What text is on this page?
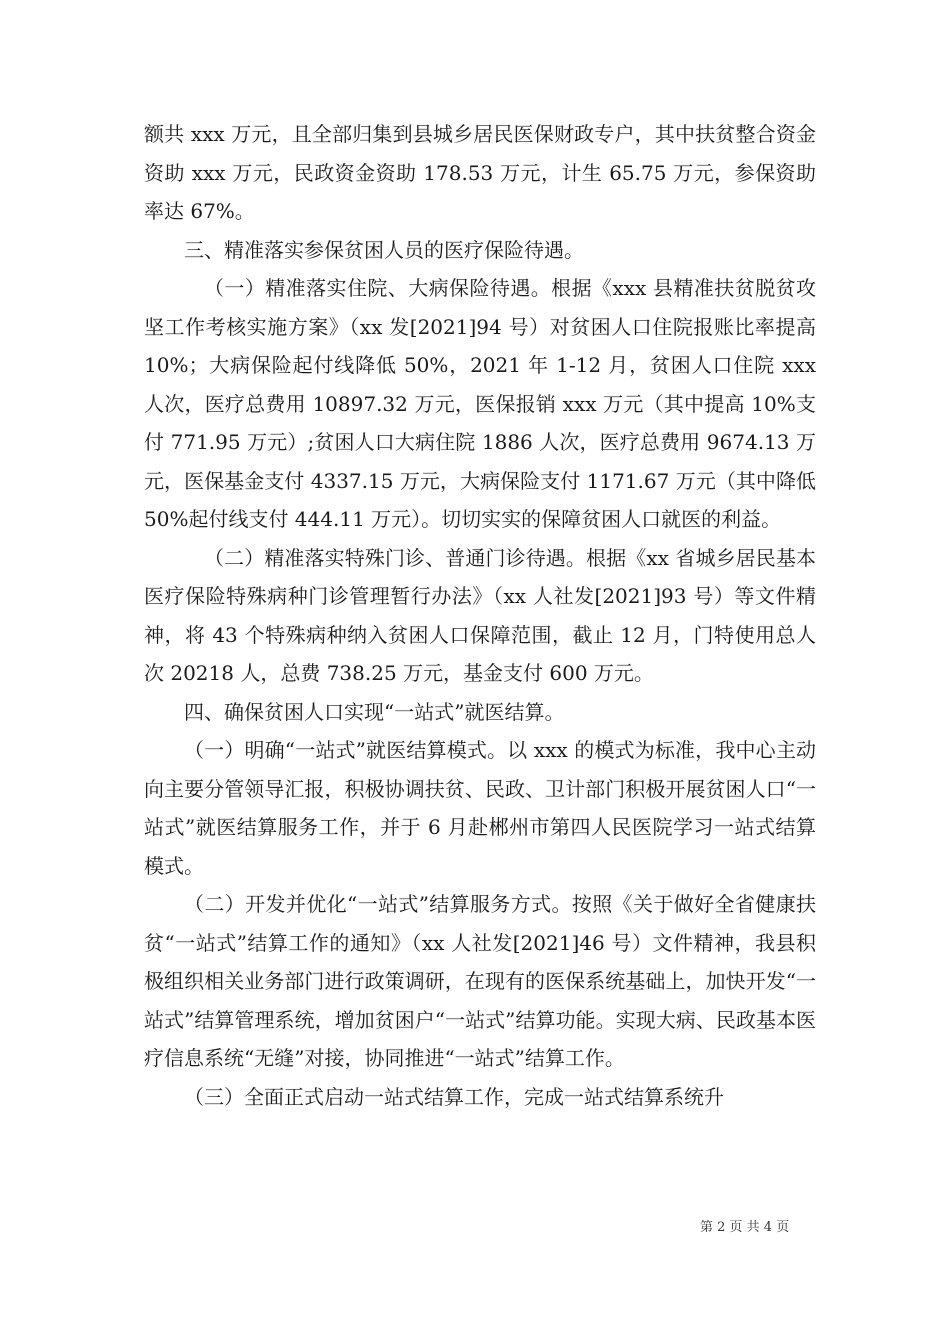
额共 xxx 万元，且全部归集到县城乡居民医保财政专户，其中扶贫整合资金资助 xxx 万元，民政资金资助 178.53 万元，计生 65.75 万元，参保资助率达 67%。

三、精准落实参保贫困人员的医疗保险待遇。

（一）精准落实住院、大病保险待遇。根据《xxx 县精准扶贫脱贫攻坚工作考核实施方案》（xx 发[2021]94 号）对贫困人口住院报账比率提高 10%；大病保险起付线降低 50%，2021 年 1-12 月，贫困人口住院 xxx 人次，医疗总费用 10897.32 万元，医保报销 xxx 万元（其中提高 10%支付 771.95 万元）;贫困人口大病住院 1886 人次，医疗总费用 9674.13 万元，医保基金支付 4337.15 万元，大病保险支付 1171.67 万元（其中降低 50%起付线支付 444.11 万元）。切切实实的保障贫困人口就医的利益。

（二）精准落实特殊门诊、普通门诊待遇。根据《xx 省城乡居民基本医疗保险特殊病种门诊管理暂行办法》（xx 人社发[2021]93 号）等文件精神，将 43 个特殊病种纳入贫困人口保障范围，截止 12 月，门特使用总人次 20218 人，总费 738.25 万元，基金支付 600 万元。

四、确保贫困人口实现“一站式”就医结算。

（一）明确“一站式”就医结算模式。以 xxx 的模式为标准，我中心主动向主要分管领导汇报，积极协调扶贫、民政、卫计部门积极开展贫困人口“一站式”就医结算服务工作，并于 6 月赴郴州市第四人民医院学习一站式结算模式。

（二）开发并优化“一站式”结算服务方式。按照《关于做好全省健康扶贫“一站式”结算工作的通知》（xx 人社发[2021]46 号）文件精神，我县积极组织相关业务部门进行政策调研，在现有的医保系统基础上，加快开发“一站式”结算管理系统，增加贫困户“一站式”结算功能。实现大病、民政基本医疗信息系统“无缝”对接，协同推进“一站式”结算工作。

（三）全面正式启动一站式结算工作，完成一站式结算系统升

第 2 页 共 4 页
